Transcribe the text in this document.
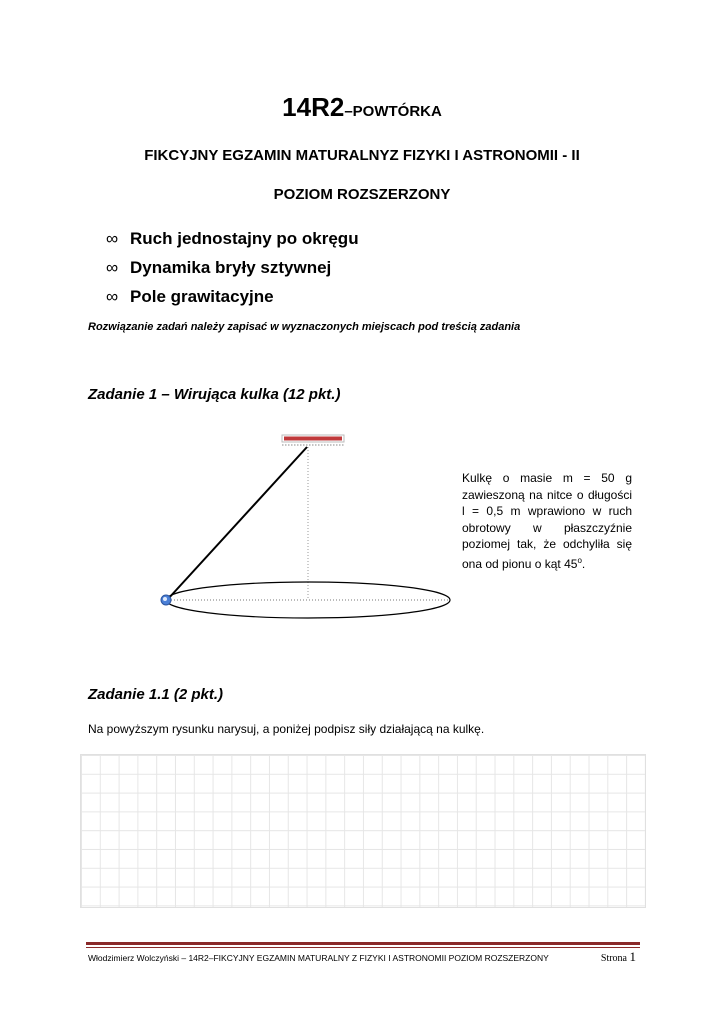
14R2–POWTÓRKA
FIKCYJNY EGZAMIN MATURALNYZ FIZYKI I ASTRONOMII - II
POZIOM ROZSZERZONY
∞ Ruch jednostajny po okręgu
∞ Dynamika bryły sztywnej
∞ Pole grawitacyjne
Rozwiązanie zadań należy zapisać w wyznaczonych miejscach pod treścią zadania
Zadanie 1 – Wirująca kulka (12 pkt.)
Kulkę o masie m = 50 g zawieszoną na nitce o długości l = 0,5 m wprawiono w ruch obrotowy w płaszczyźnie poziomej tak, że odchyliła się ona od pionu o kąt 45$^o$.
Zadanie 1.1 (2 pkt.)
Na powyższym rysunku narysuj, a poniżej podpisz siły działającą na kulkę.
Włodzimierz Wolczyński – 14R2–FIKCYJNY EGZAMIN MATURALNY Z FIZYKI I ASTRONOMII POZIOM ROZSZERZONY	Strona 1
